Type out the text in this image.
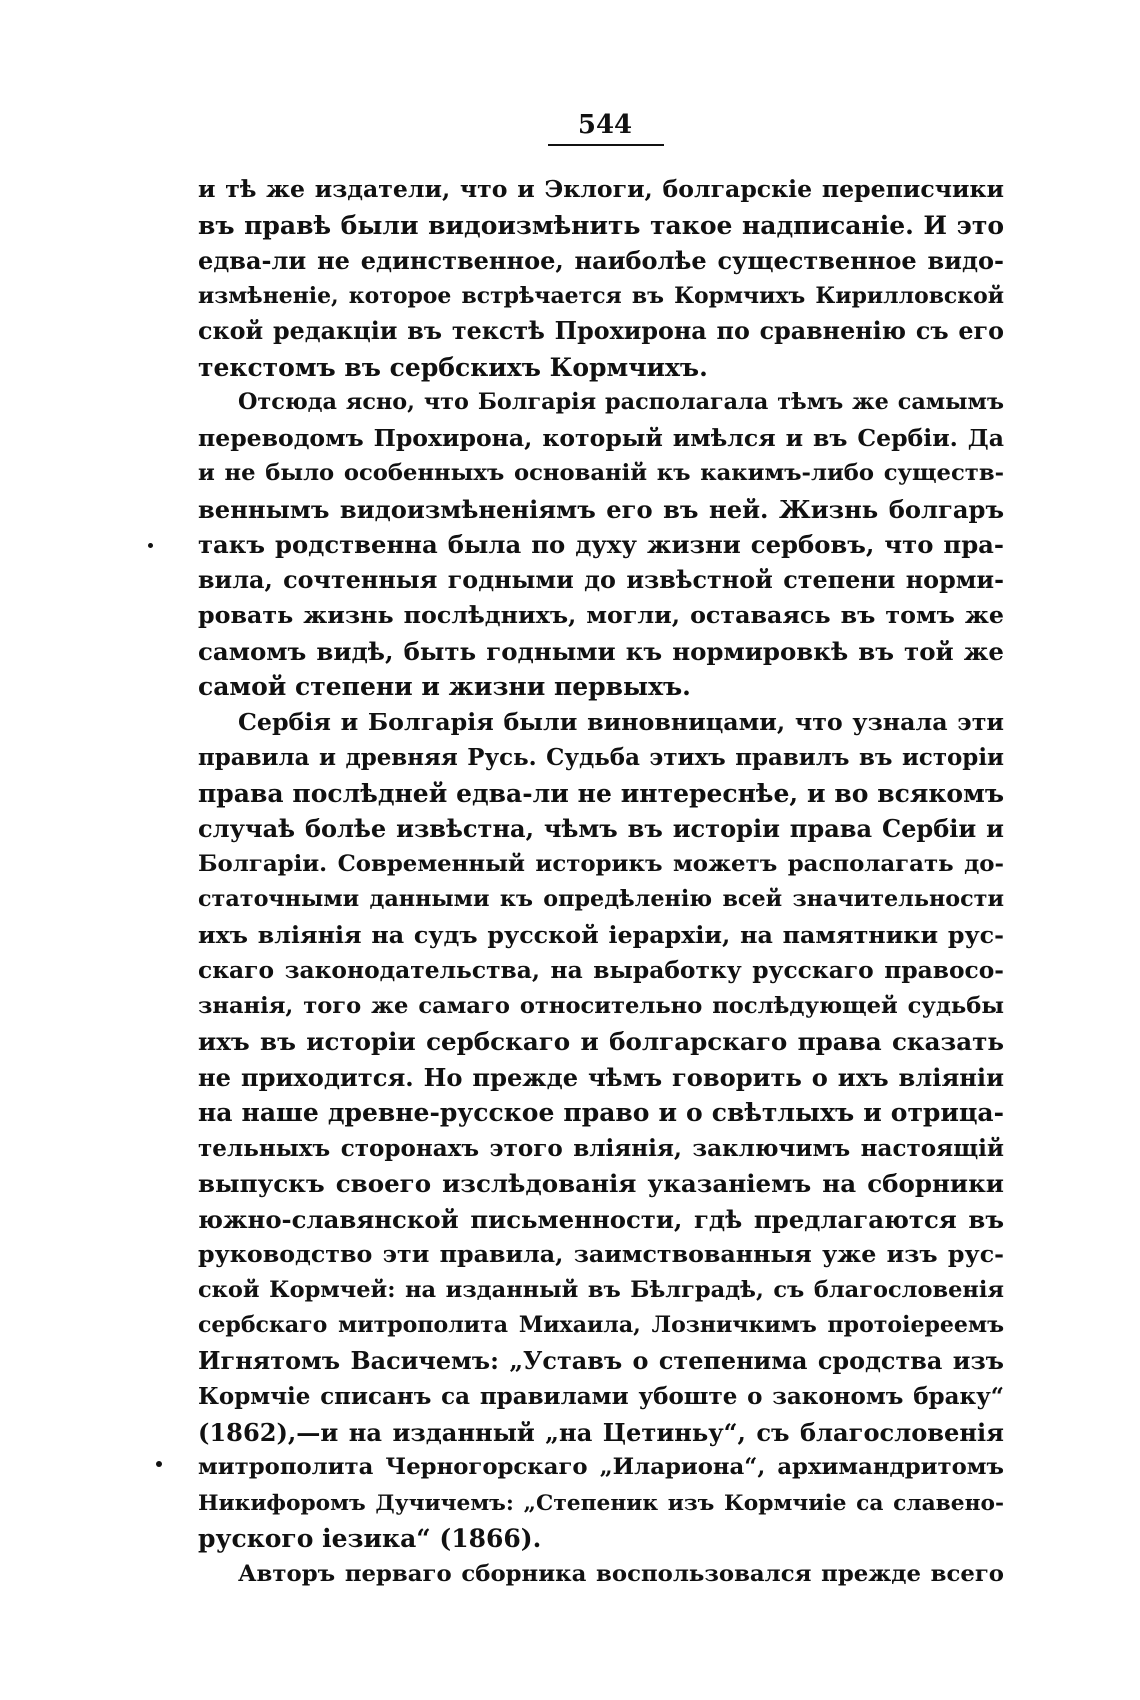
544
и тѣ же издатели, что и Эклоги, болгарскіе переписчики
въ правѣ были видоизмѣнить такое надписаніе. И это
едва-ли не единственное, наиболѣе существенное видо-
измѣненіе, которое встрѣчается въ Кормчихъ Кирилловской
ской редакціи въ текстѣ Прохирона по сравненію съ его
текстомъ въ сербскихъ Кормчихъ.
Отсюда ясно, что Болгарія располагала тѣмъ же самымъ
переводомъ Прохирона, который имѣлся и въ Сербіи. Да
и не было особенныхъ основаній къ какимъ-либо существ-
веннымъ видоизмѣненіямъ его въ ней. Жизнь болгаръ
такъ родственна была по духу жизни сербовъ, что пра-
вила, сочтенныя годными до извѣстной степени норми-
ровать жизнь послѣднихъ, могли, оставаясь въ томъ же
самомъ видѣ, быть годными къ нормировкѣ въ той же
самой степени и жизни первыхъ.
Сербія и Болгарія были виновницами, что узнала эти
правила и древняя Русь. Судьба этихъ правилъ въ исторіи
права послѣдней едва-ли не интереснѣе, и во всякомъ
случаѣ болѣе извѣстна, чѣмъ въ исторіи права Сербіи и
Болгаріи. Современный историкъ можетъ располагать до-
статочными данными къ опредѣленію всей значительности
ихъ вліянія на судъ русской іерархіи, на памятники рус-
скаго законодательства, на выработку русскаго правосо-
знанія, того же самаго относительно послѣдующей судьбы
ихъ въ исторіи сербскаго и болгарскаго права сказать
не приходится. Но прежде чѣмъ говорить о ихъ вліяніи
на наше древне-русское право и о свѣтлыхъ и отрица-
тельныхъ сторонахъ этого вліянія, заключимъ настоящій
выпускъ своего изслѣдованія указаніемъ на сборники
южно-славянской письменности, гдѣ предлагаются въ
руководство эти правила, заимствованныя уже изъ рус-
ской Кормчей: на изданный въ Бѣлградѣ, съ благословенія
сербскаго митрополита Михаила, Лозничкимъ протоіереемъ
Игнятомъ Васичемъ: „Уставъ о степенима сродства изъ
Кормчіе списанъ са правилами убоште о закономъ браку“
(1862),—и на изданный „на Цетиньу“, съ благословенія
митрополита Черногорскаго „Илариона“, архимандритомъ
Никифоромъ Дучичемъ: „Степеник изъ Кормчиіе са славено-
руского іезика“ (1866).
Авторъ перваго сборника воспользовался прежде всего
